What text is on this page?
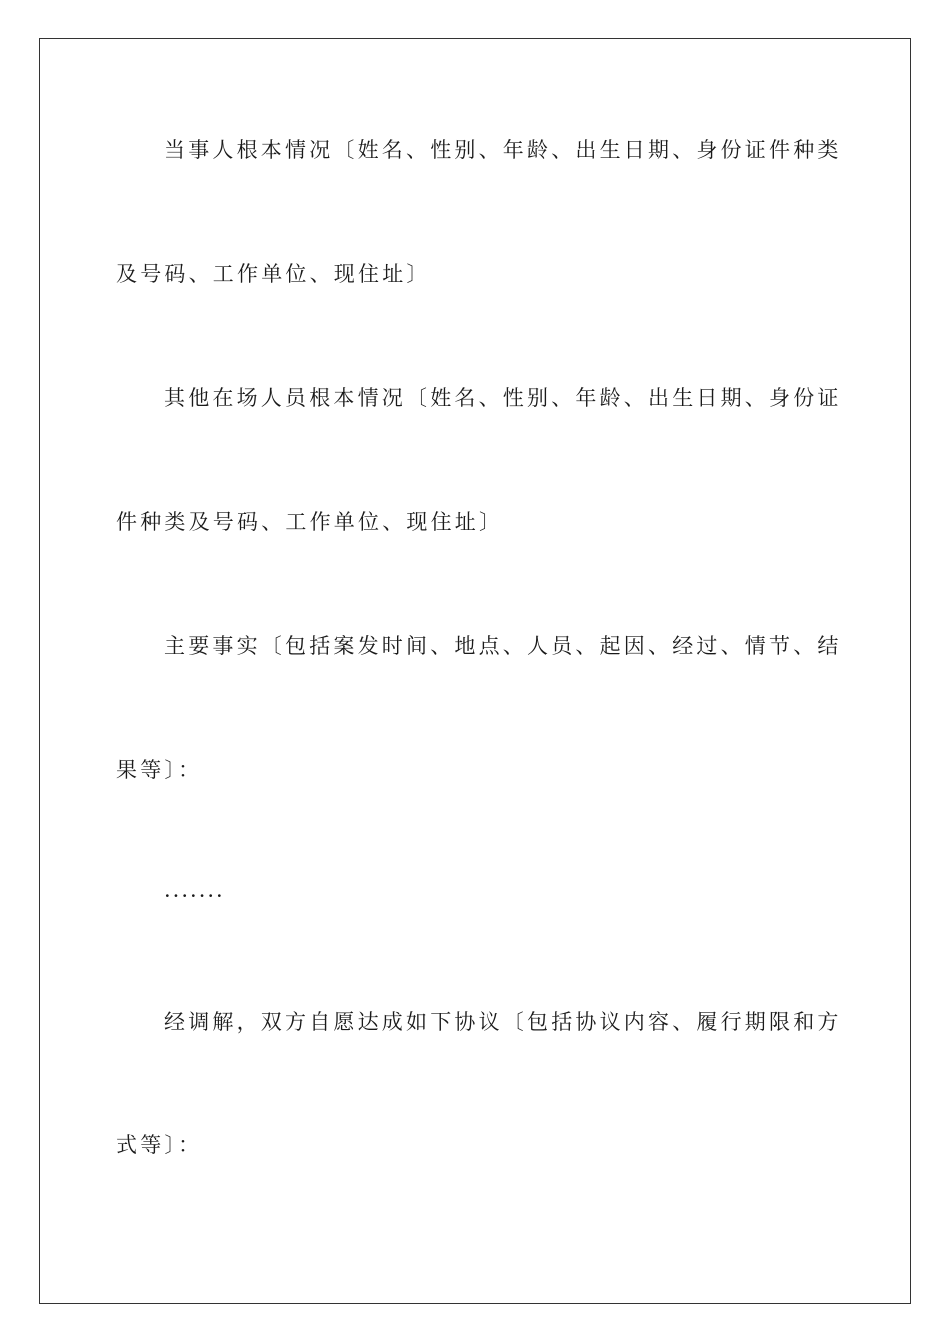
当事人根本情况〔姓名、性别、年龄、出生日期、身份证件种类
及号码、工作单位、现住址〕
其他在场人员根本情况〔姓名、性别、年龄、出生日期、身份证
件种类及号码、工作单位、现住址〕
主要事实〔包括案发时间、地点、人员、起因、经过、情节、结
果等〕：
·······
经调解，双方自愿达成如下协议〔包括协议内容、履行期限和方
式等〕：
